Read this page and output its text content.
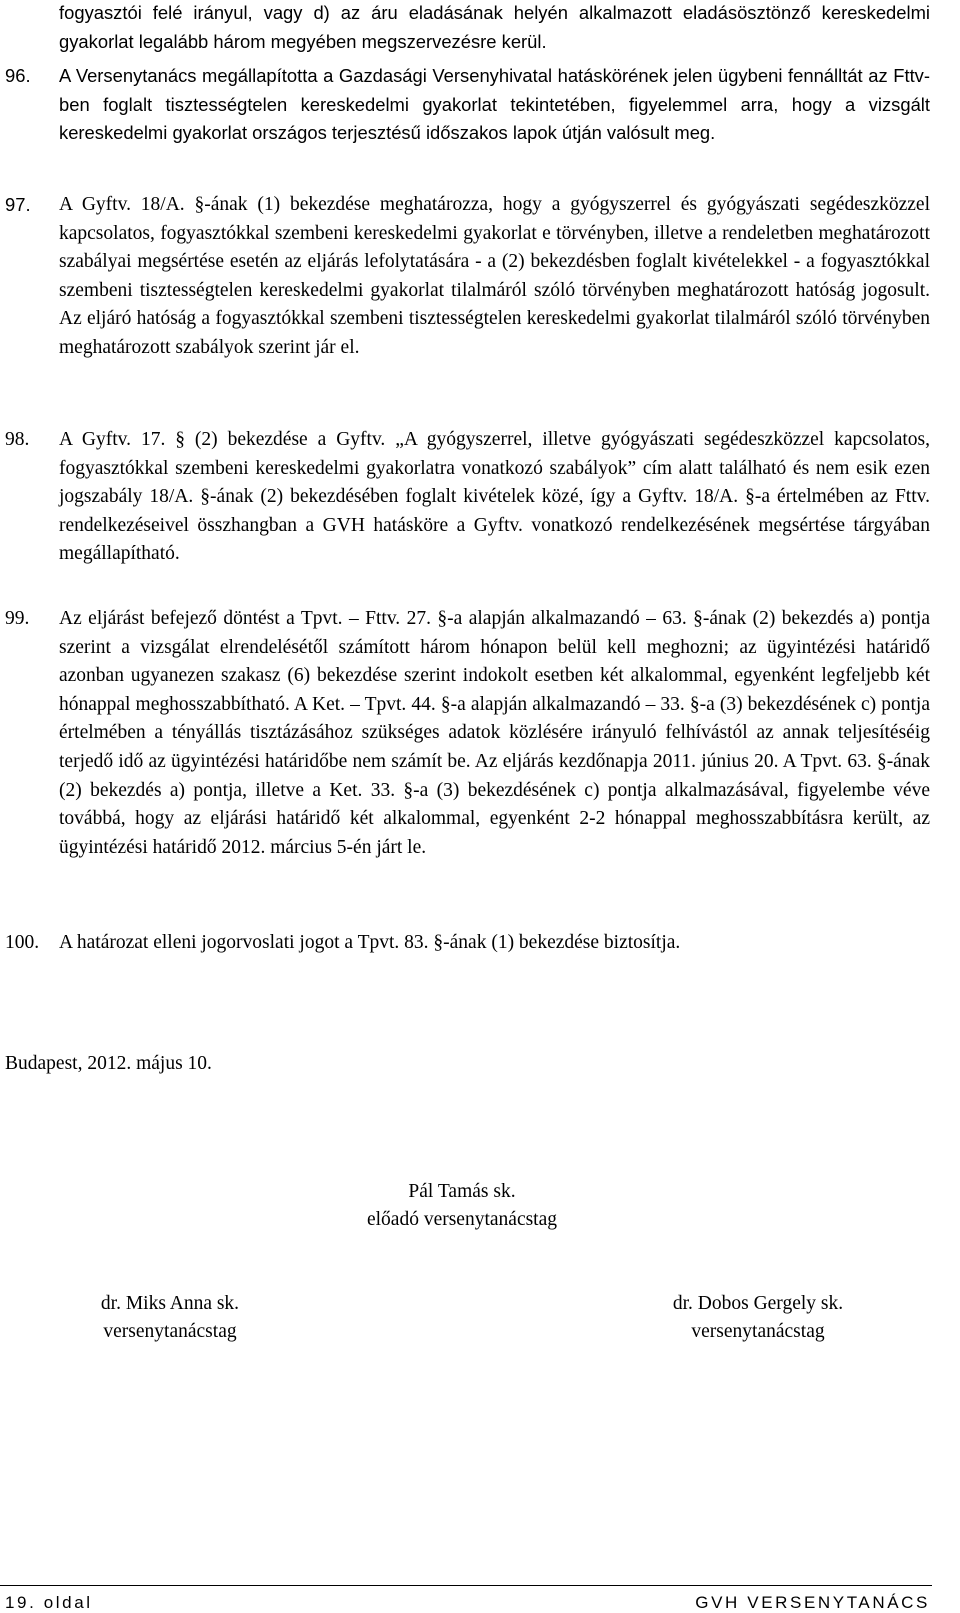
fogyasztói felé irányul, vagy d) az áru eladásának helyén alkalmazott eladásösztönző kereskedelmi gyakorlat legalább három megyében megszervezésre kerül.
96. A Versenytanács megállapította a Gazdasági Versenyhivatal hatáskörének jelen ügybeni fennálltát az Fttv-ben foglalt tisztességtelen kereskedelmi gyakorlat tekintetében, figyelemmel arra, hogy a vizsgált kereskedelmi gyakorlat országos terjesztésű időszakos lapok útján valósult meg.
97. A Gyftv. 18/A. §-ának (1) bekezdése meghatározza, hogy a gyógyszerrel és gyógyászati segédeszközzel kapcsolatos, fogyasztókkal szembeni kereskedelmi gyakorlat e törvényben, illetve a rendeletben meghatározott szabályai megsértése esetén az eljárás lefolytatására - a (2) bekezdésben foglalt kivételekkel - a fogyasztókkal szembeni tisztességtelen kereskedelmi gyakorlat tilalmáról szóló törvényben meghatározott hatóság jogosult. Az eljáró hatóság a fogyasztókkal szembeni tisztességtelen kereskedelmi gyakorlat tilalmáról szóló törvényben meghatározott szabályok szerint jár el.
98. A Gyftv. 17. § (2) bekezdése a Gyftv. „A gyógyszerrel, illetve gyógyászati segédeszközzel kapcsolatos, fogyasztókkal szembeni kereskedelmi gyakorlatra vonatkozó szabályok” cím alatt található és nem esik ezen jogszabály 18/A. §-ának (2) bekezdésében foglalt kivételek közé, így a Gyftv. 18/A. §-a értelmében az Fttv. rendelkezéseivel összhangban a GVH hatásköre a Gyftv. vonatkozó rendelkezésének megsértése tárgyában megállapítható.
99. Az eljárást befejező döntést a Tpvt. – Fttv. 27. §-a alapján alkalmazandó – 63. §-ának (2) bekezdés a) pontja szerint a vizsgálat elrendelésétől számított három hónapon belül kell meghozni; az ügyintézési határidő azonban ugyanezen szakasz (6) bekezdése szerint indokolt esetben két alkalommal, egyenként legfeljebb két hónappal meghosszabbítható. A Ket. – Tpvt. 44. §-a alapján alkalmazandó – 33. §-a (3) bekezdésének c) pontja értelmében a tényállás tisztázásához szükséges adatok közlésére irányuló felhívástól az annak teljesítéséig terjedő idő az ügyintézési határidőbe nem számít be. Az eljárás kezdőnapja 2011. június 20. A Tpvt. 63. §-ának (2) bekezdés a) pontja, illetve a Ket. 33. §-a (3) bekezdésének c) pontja alkalmazásával, figyelembe véve továbbá, hogy az eljárási határidő két alkalommal, egyenként 2-2 hónappal meghosszabbításra került, az ügyintézési határidő 2012. március 5-én járt le.
100. A határozat elleni jogorvoslati jogot a Tpvt. 83. §-ának (1) bekezdése biztosítja.
Budapest, 2012. május 10.
Pál Tamás sk.
előadó versenytanácstag
dr. Miks Anna sk.
versenytanácstag
dr. Dobos Gergely sk.
versenytanácstag
19. oldal	GVH VERSENYTANÁCS
